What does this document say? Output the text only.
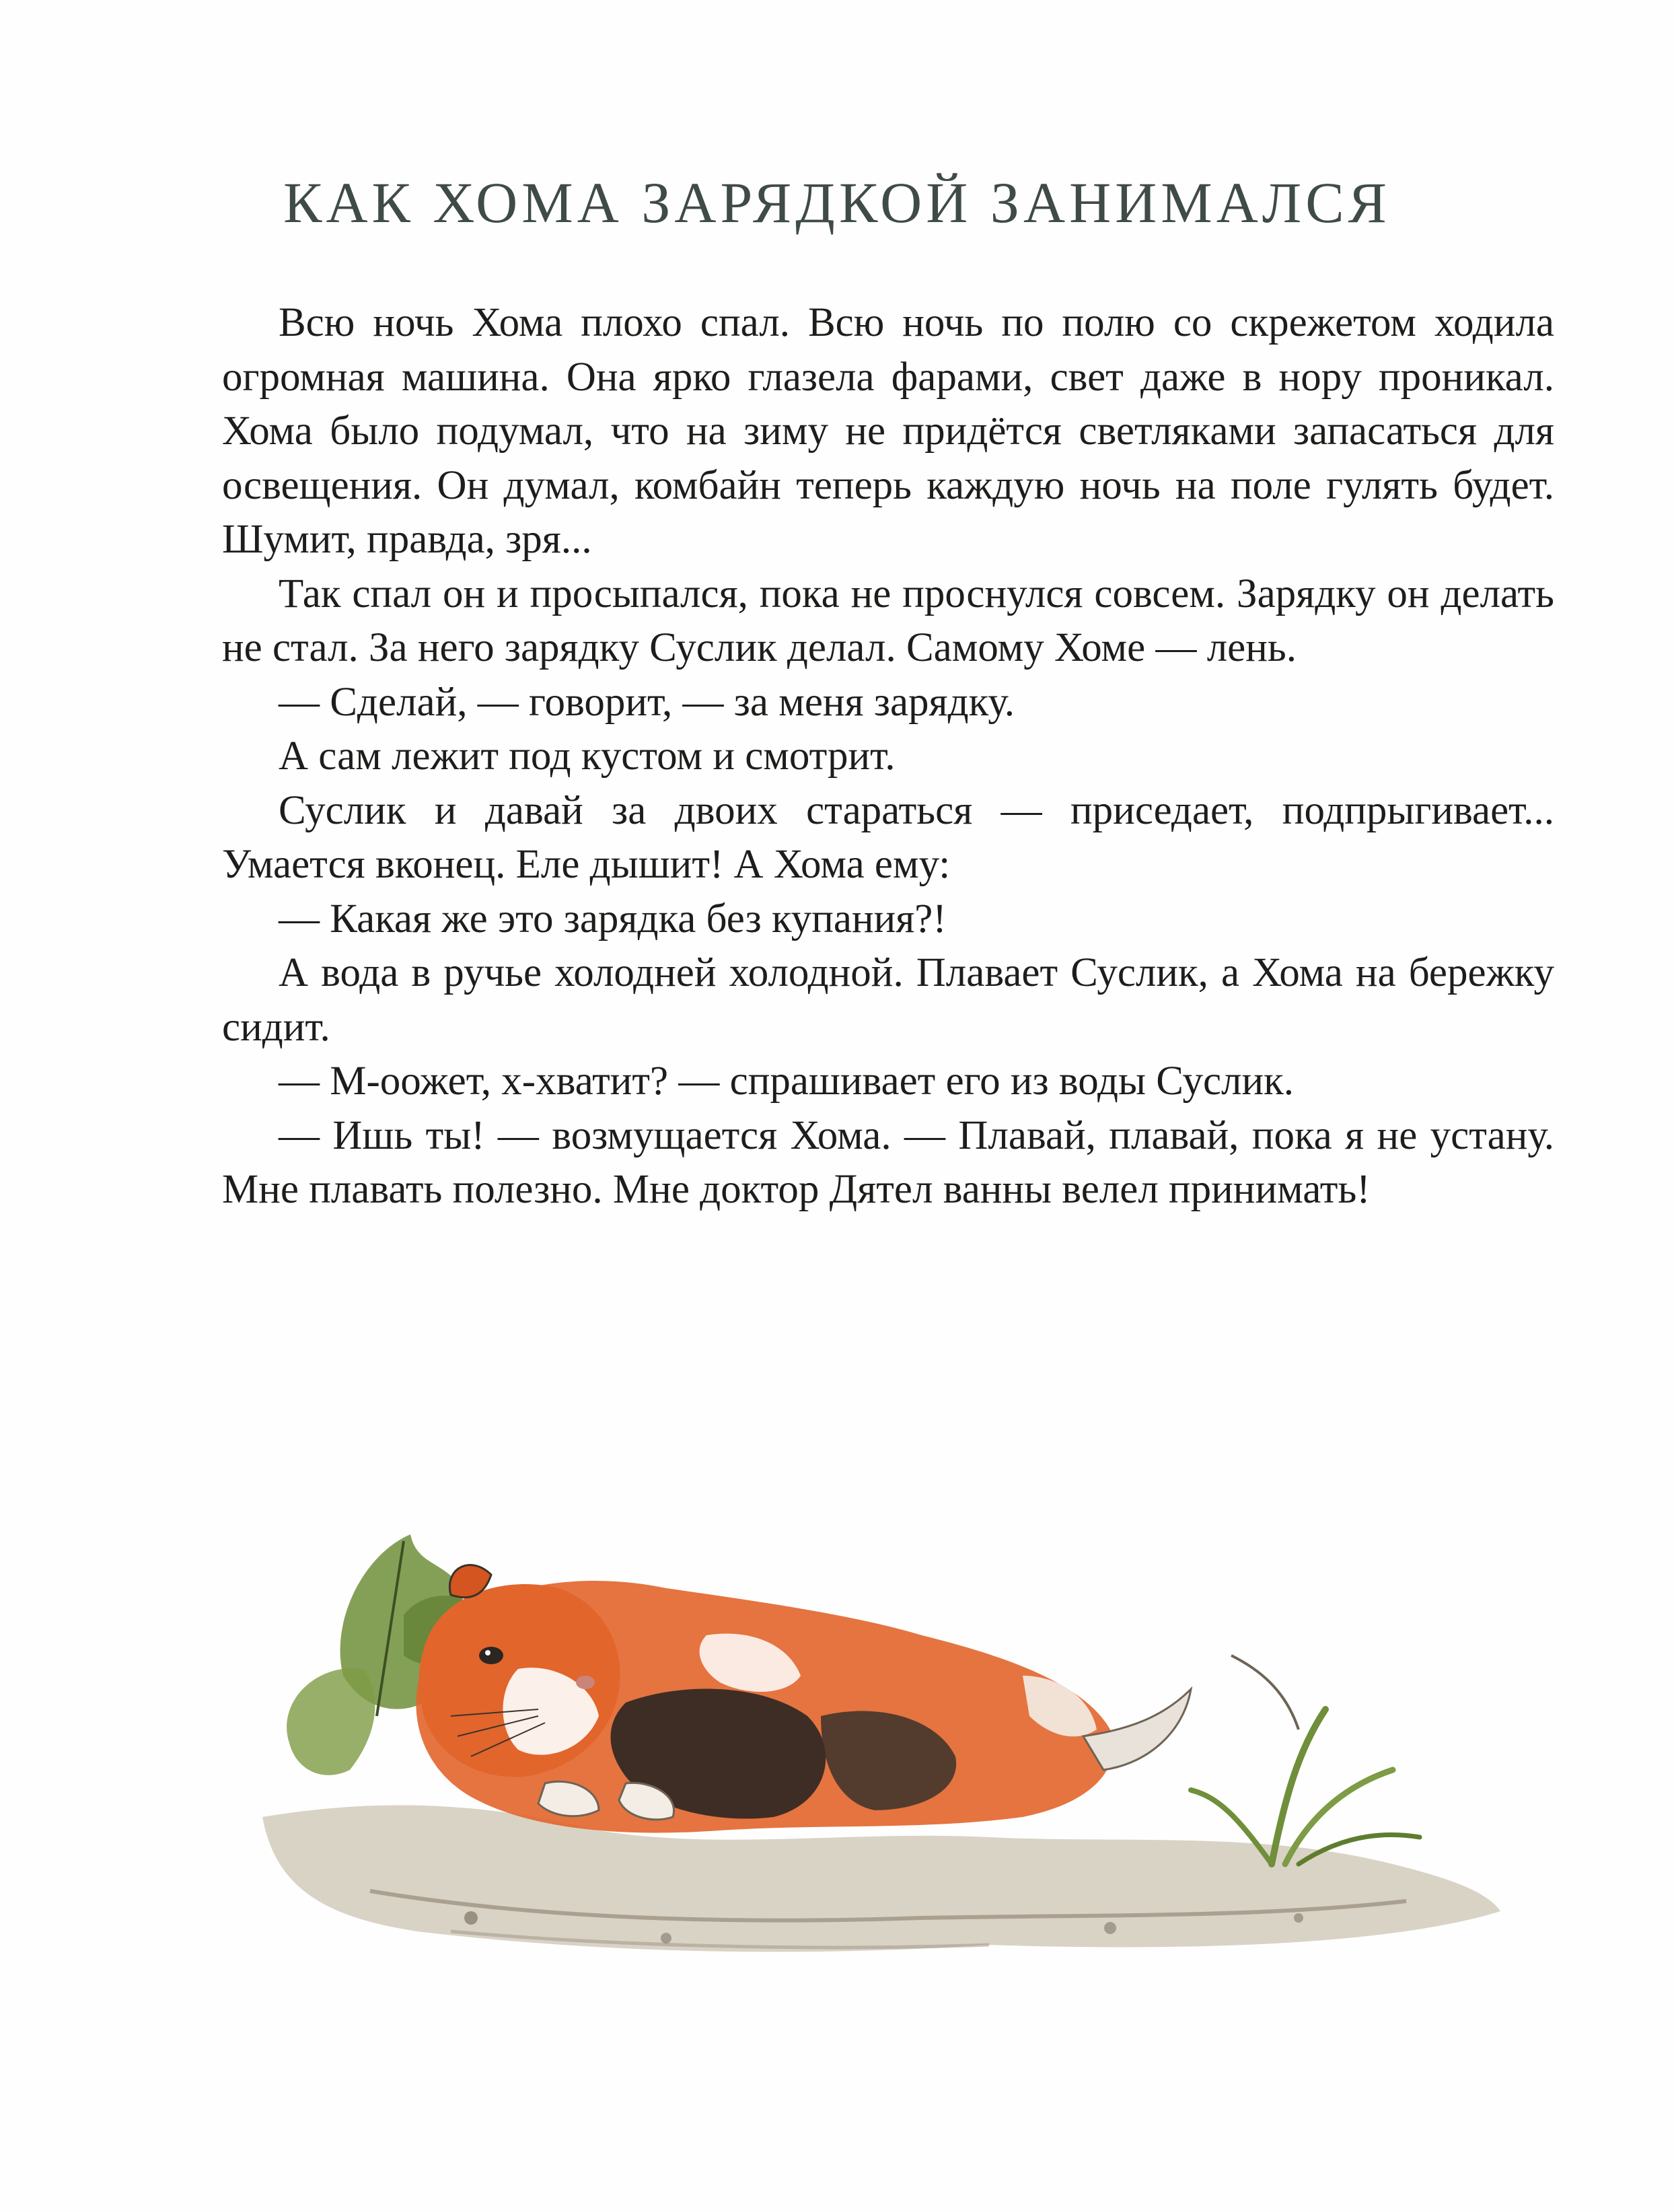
КАК ХОМА ЗАРЯДКОЙ ЗАНИМАЛСЯ

Всю ночь Хома плохо спал. Всю ночь по полю со скрежетом ходила огромная машина. Она ярко глазела фарами, свет даже в нору проникал. Хома было подумал, что на зиму не придётся светляками запасаться для освещения. Он думал, комбайн теперь каждую ночь на поле гулять будет. Шумит, правда, зря...

Так спал он и просыпался, пока не проснулся совсем. Зарядку он делать не стал. За него зарядку Суслик делал. Самому Хоме — лень.

— Сделай, — говорит, — за меня зарядку.

А сам лежит под кустом и смотрит.

Суслик и давай за двоих стараться — приседает, подпрыгивает... Умается вконец. Еле дышит! А Хома ему:

— Какая же это зарядка без купания?!

А вода в ручье холодней холодной. Плавает Суслик, а Хома на бережку сидит.

— М-оожет, х-хватит? — спрашивает его из воды Суслик.

— Ишь ты! — возмущается Хома. — Плавай, плавай, пока я не устану. Мне плавать полезно. Мне доктор Дятел ванны велел принимать!
